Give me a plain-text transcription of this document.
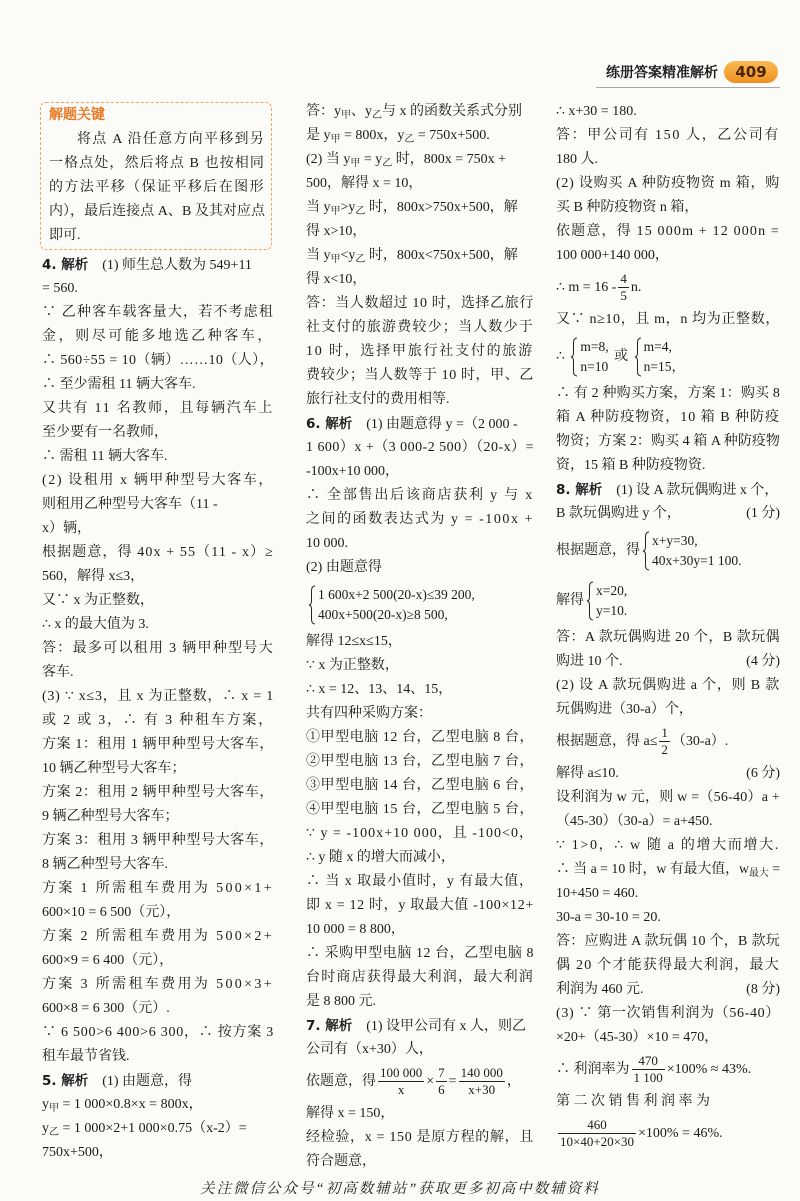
练册答案精准解析	409
解题关键
将点 A 沿任意方向平移到另
一格点处，然后将点 B 也按相同
的方法平移（保证平移后在图形
内），最后连接点 A、B 及其对应点
即可.
4. 解析　(1) 师生总人数为 549+11
= 560.
∵ 乙种客车载客量大，若不考虑租
金，则尽可能多地选乙种客车，
∴ 560÷55 = 10（辆）……10（人），
∴ 至少需租 11 辆大客车.
又共有 11 名教师，且每辆汽车上
至少要有一名教师，
∴ 需租 11 辆大客车.
(2) 设租用 x 辆甲种型号大客车，
则租用乙种型号大客车（11 -
x）辆，
根据题意，得 40x + 55（11 - x）≥
560，解得 x≤3，
又∵ x 为正整数，
∴ x 的最大值为 3.
答：最多可以租用 3 辆甲种型号大
客车.
(3) ∵ x≤3，且 x 为正整数，∴ x = 1
或 2 或 3，∴ 有 3 种租车方案，
方案 1：租用 1 辆甲种型号大客车，
10 辆乙种型号大客车；
方案 2：租用 2 辆甲种型号大客车，
9 辆乙种型号大客车；
方案 3：租用 3 辆甲种型号大客车，
8 辆乙种型号大客车.
方案 1 所需租车费用为 500×1+
600×10 = 6 500（元），
方案 2 所需租车费用为 500×2+
600×9 = 6 400（元），
方案 3 所需租车费用为 500×3+
600×8 = 6 300（元）.
∵ 6 500>6 400>6 300，∴ 按方案 3
租车最节省钱.
5. 解析　(1) 由题意，得
$y_甲 = 1$ 000×0.8×x = 800x，
$y_乙 = 1$ 000×2+1 000×0.75（x-2）=
750x+500，
答：$y_甲$、$y_乙$与 x 的函数关系式分别
是 $y_甲 = 800x$，$y_乙 = 750x+500$.
(2) 当 $y_甲 = y_乙$ 时，800x = 750x +
500，解得 x = 10，
当 $y_甲>y_乙$ 时，800x>750x+500，解
得 x>10，
当 $y_甲<y_乙$ 时，800x<750x+500，解
得 x<10，
答：当人数超过 10 时，选择乙旅行
社支付的旅游费较少；当人数少于
10 时，选择甲旅行社支付的旅游
费较少；当人数等于 10 时，甲、乙
旅行社支付的费用相等.
6. 解析　(1) 由题意得 y =（2 000 -
1 600）x +（3 000-2 500）（20-x）=
-100x+10 000，
∴ 全部售出后该商店获利 y 与 x
之间的函数表达式为 y = -100x +
10 000.
(2) 由题意得
1 600x+2 500(20-x)≤39 200,
400x+500(20-x)≥8 500,
解得 12≤x≤15，
∵ x 为正整数，
∴ x = 12、13、14、15，
共有四种采购方案：
①甲型电脑 12 台，乙型电脑 8 台，
②甲型电脑 13 台，乙型电脑 7 台，
③甲型电脑 14 台，乙型电脑 6 台，
④甲型电脑 15 台，乙型电脑 5 台，
∵ y = -100x+10 000，且 -100<0，
∴ y 随 x 的增大而减小，
∴ 当 x 取最小值时，y 有最大值，
即 x = 12 时，y 取最大值 -100×12+
10 000 = 8 800，
∴ 采购甲型电脑 12 台，乙型电脑 8
台时商店获得最大利润，最大利润
是 8 800 元.
7. 解析　(1) 设甲公司有 x 人，则乙
公司有（x+30）人，
依题意，得 $\frac{100 000}{x} \times \frac{7}{6} = \frac{140 000}{x+30}$ ，
解得 x = 150，
经检验，x = 150 是原方程的解，且
符合题意，
∴ x+30 = 180.
答：甲公司有 150 人，乙公司有
180 人.
(2) 设购买 A 种防疫物资 m 箱，购
买 B 种防疫物资 n 箱，
依题意，得 15 000m + 12 000n =
100 000+140 000，
∴ $m = 16 - \frac{4}{5} n$.
又∵ n≥10，且 m，n 均为正整数，
∴
m=8,
n=10
或
m=4,
n=15，
∴ 有 2 种购买方案，方案 1：购买 8
箱 A 种防疫物资，10 箱 B 种防疫
物资；方案 2：购买 4 箱 A 种防疫物
资，15 箱 B 种防疫物资.
8. 解析　(1) 设 A 款玩偶购进 x 个，
B 款玩偶购进 y 个，	(1 分)
根据题意，得
x+y=30,
40x+30y=1 100.
解得
x=20,
y=10.
答：A 款玩偶购进 20 个，B 款玩偶
购进 10 个.	(4 分)
(2) 设 A 款玩偶购进 a 个，则 B 款
玩偶购进（30-a）个，
根据题意，得 $a\le \frac{1}{2} (30-a)$.
解得 a≤10.	(6 分)
设利润为 w 元，则 w =（56-40）a +
（45-30）（30-a）= a+450.
∵ 1>0，∴ w 随 a 的增大而增大.
∴ 当 a = 10 时，w 有最大值，$w_{最大}$ =
10+450 = 460.
30-a = 30-10 = 20.
答：应购进 A 款玩偶 10 个，B 款玩
偶 20 个才能获得最大利润，最大
利润为 460 元.	(8 分)
(3) ∵ 第一次销售利润为（56-40）
×20+（45-30）×10 = 470，
∴ 利润率为 $\frac{470}{1 100} \times 100\% \approx 43\%$.
第 二 次 销 售 利 润 率 为
$\frac{460}{10\times 40+20\times 30} \times 100\% = 46\%$.
关注微信公众号“初高数辅站”获取更多初高中数辅资料
